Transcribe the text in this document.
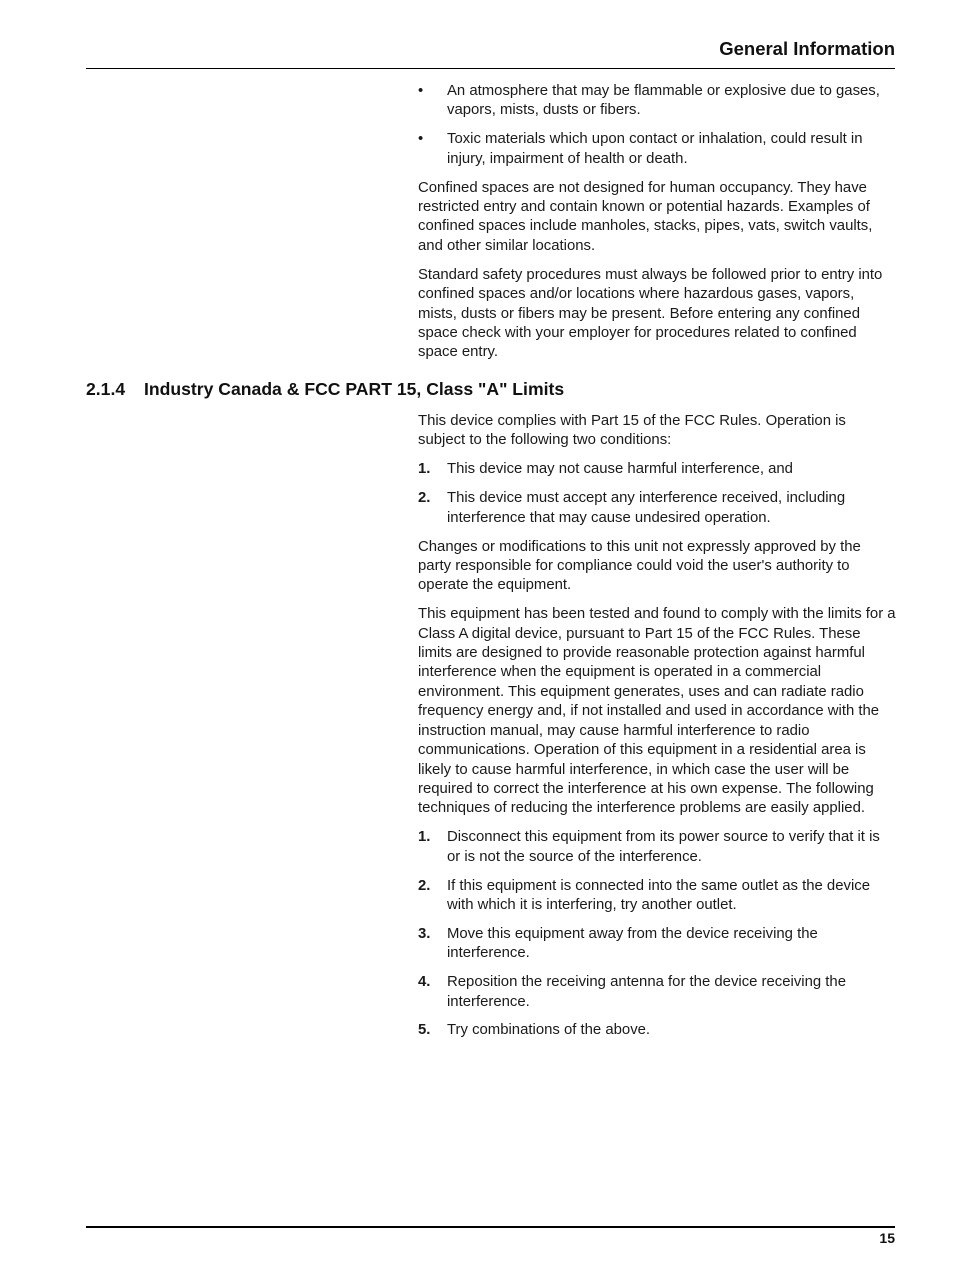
General Information
• An atmosphere that may be flammable or explosive due to gases, vapors, mists, dusts or fibers.
• Toxic materials which upon contact or inhalation, could result in injury, impairment of health or death.

Confined spaces are not designed for human occupancy. They have restricted entry and contain known or potential hazards. Examples of confined spaces include manholes, stacks, pipes, vats, switch vaults, and other similar locations.

Standard safety procedures must always be followed prior to entry into confined spaces and/or locations where hazardous gases, vapors, mists, dusts or fibers may be present. Before entering any confined space check with your employer for procedures related to confined space entry.

2.1.4 Industry Canada & FCC PART 15, Class "A" Limits

This device complies with Part 15 of the FCC Rules. Operation is subject to the following two conditions:

1. This device may not cause harmful interference, and
2. This device must accept any interference received, including interference that may cause undesired operation.

Changes or modifications to this unit not expressly approved by the party responsible for compliance could void the user's authority to operate the equipment.

This equipment has been tested and found to comply with the limits for a Class A digital device, pursuant to Part 15 of the FCC Rules. These limits are designed to provide reasonable protection against harmful interference when the equipment is operated in a commercial environment. This equipment generates, uses and can radiate radio frequency energy and, if not installed and used in accordance with the instruction manual, may cause harmful interference to radio communications. Operation of this equipment in a residential area is likely to cause harmful interference, in which case the user will be required to correct the interference at his own expense. The following techniques of reducing the interference problems are easily applied.

1. Disconnect this equipment from its power source to verify that it is or is not the source of the interference.
2. If this equipment is connected into the same outlet as the device with which it is interfering, try another outlet.
3. Move this equipment away from the device receiving the interference.
4. Reposition the receiving antenna for the device receiving the interference.
5. Try combinations of the above.
15
